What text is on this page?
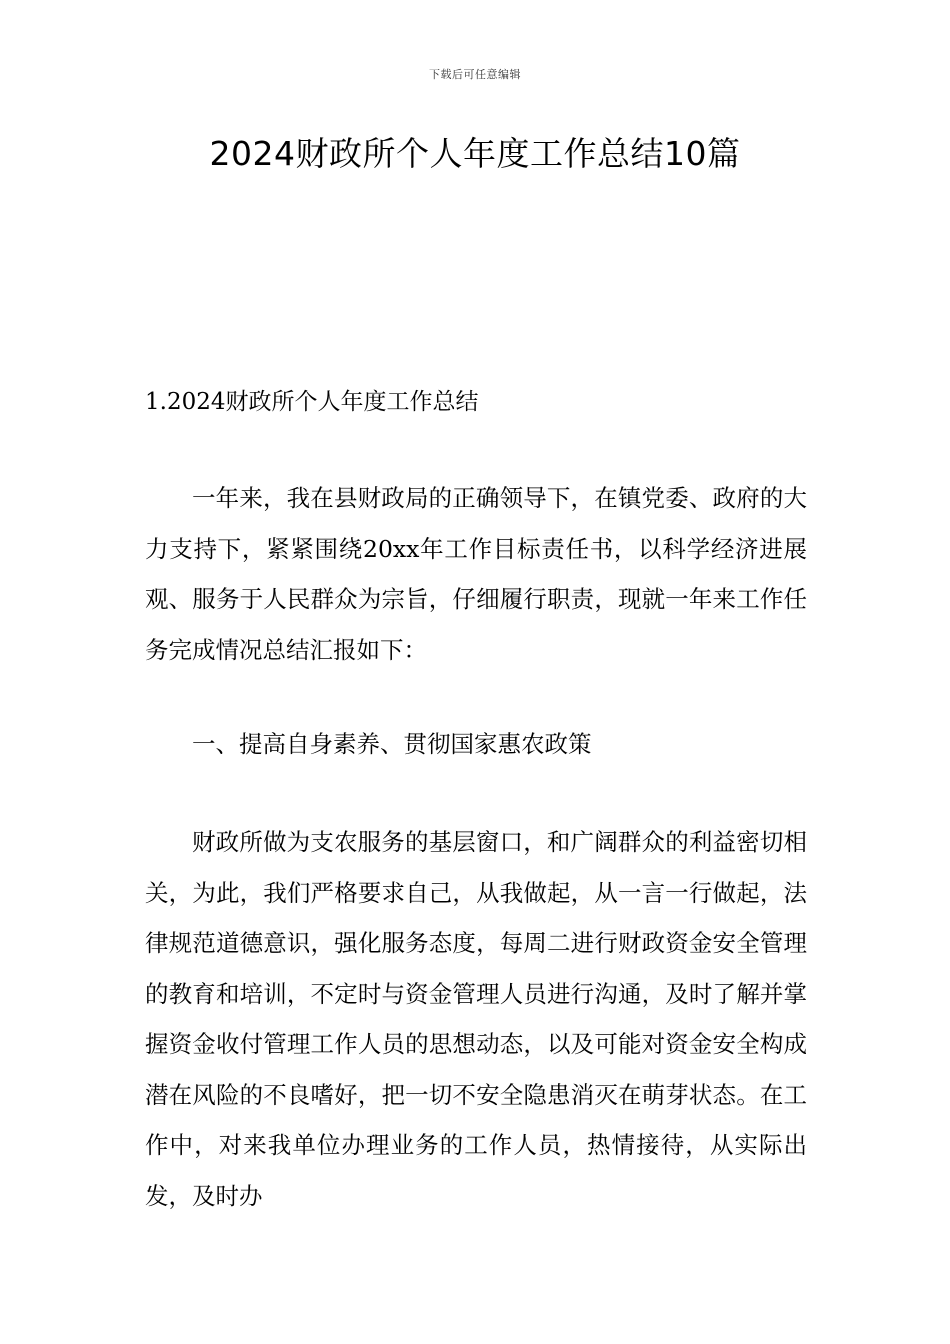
下载后可任意编辑
2024财政所个人年度工作总结10篇
1.2024财政所个人年度工作总结

一年来，我在县财政局的正确领导下，在镇党委、政府的大力支持下，紧紧围绕20xx年工作目标责任书，以科学经济进展观、服务于人民群众为宗旨，仔细履行职责，现就一年来工作任务完成情况总结汇报如下：

一、提高自身素养、贯彻国家惠农政策

财政所做为支农服务的基层窗口，和广阔群众的利益密切相关，为此，我们严格要求自己，从我做起，从一言一行做起，法律规范道德意识，强化服务态度，每周二进行财政资金安全管理的教育和培训，不定时与资金管理人员进行沟通，及时了解并掌握资金收付管理工作人员的思想动态，以及可能对资金安全构成潜在风险的不良嗜好，把一切不安全隐患消灭在萌芽状态。在工作中，对来我单位办理业务的工作人员，热情接待，从实际出发，及时办
